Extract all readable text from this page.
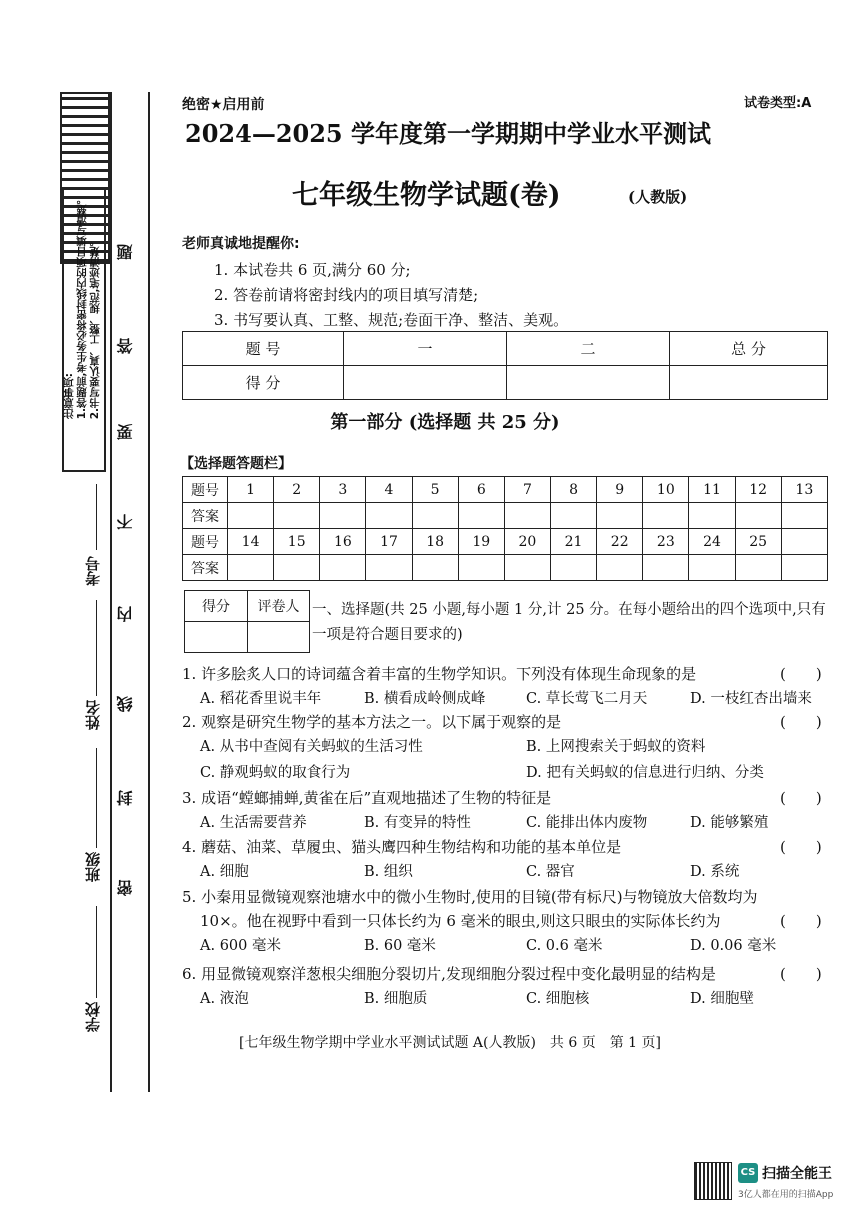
注意事项:
1.答题前,考生务必将密封线内的项目填写清楚。
2.书写要认真、工整、规范,笔迹清楚。 题
答
要
不
内
线
封
密
考号
姓名
班级
学校
绝密★启用前	试卷类型:A
2024—2025 学年度第一学期期中学业水平测试
七年级生物学试题(卷)	(人教版)
老师真诚地提醒你:
1. 本试卷共 6 页,满分 60 分;
2. 答卷前请将密封线内的项目填写清楚;
3. 书写要认真、工整、规范;卷面干净、整洁、美观。
题 号	一	二	总 分
得 分			
第一部分 (选择题 共 25 分)
【选择题答题栏】
题号	1	2	3	4	5	6	7	8	9	10	11	12	13
答案													
题号	14	15	16	17	18	19	20	21	22	23	24	25	
答案													
得分	评卷人
	一、选择题(共 25 小题,每小题 1 分,计 25 分。在每小题给出的四个选项中,只有一项是符合题目要求的)
1. 许多脍炙人口的诗词蕴含着丰富的生物学知识。下列没有体现生命现象的是	(　　)
A. 稻花香里说丰年	B. 横看成岭侧成峰	C. 草长莺飞二月天	D. 一枝红杏出墙来
2. 观察是研究生物学的基本方法之一。以下属于观察的是	(　　)
A. 从书中查阅有关蚂蚁的生活习性	B. 上网搜索关于蚂蚁的资料
C. 静观蚂蚁的取食行为	D. 把有关蚂蚁的信息进行归纳、分类
3. 成语“螳螂捕蝉,黄雀在后”直观地描述了生物的特征是	(　　)
A. 生活需要营养	B. 有变异的特性	C. 能排出体内废物	D. 能够繁殖
4. 蘑菇、油菜、草履虫、猫头鹰四种生物结构和功能的基本单位是	(　　)
A. 细胞	B. 组织	C. 器官	D. 系统
5. 小秦用显微镜观察池塘水中的微小生物时,使用的目镜(带有标尺)与物镜放大倍数均为
(　　)
10×。他在视野中看到一只体长约为 6 毫米的眼虫,则这只眼虫的实际体长约为
A. 600 毫米	B. 60 毫米	C. 0.6 毫米	D. 0.06 毫米
6. 用显微镜观察洋葱根尖细胞分裂切片,发现细胞分裂过程中变化最明显的结构是	(　　)
A. 液泡	B. 细胞质	C. 细胞核	D. 细胞壁
[七年级生物学期中学业水平测试试题 A(人教版)　共 6 页　第 1 页]
CS 扫描全能王
3亿人都在用的扫描App
